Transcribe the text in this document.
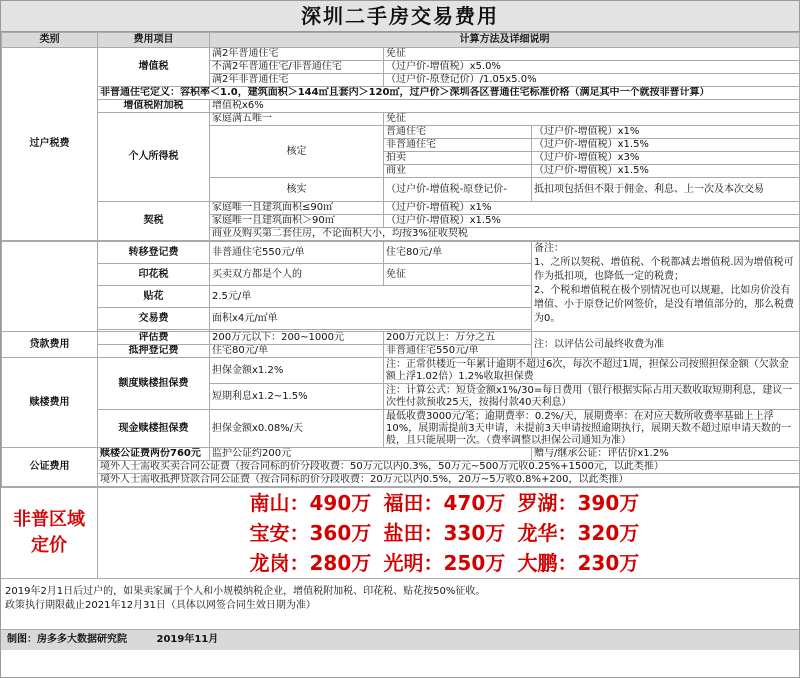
深圳二手房交易费用
类别	费用项目	计算方法及详细说明		
过户税费	增值税	满2年普通住宅	免征	
		不满2年普通住宅/非普通住宅	（过户价-增值税）x5.0%	
		满2年非普通住宅	（过户价-原登记价）/1.05x5.0%	
	非普通住宅定义：容积率＜1.0，建筑面积＞144㎡且套内＞120㎡，过户价＞深圳各区普通住宅标准价格（满足其中一个就按非普计算）			
	增值税附加税	增值税x6%		
	个人所得税	家庭满五唯一	免征	
		核定	普通住宅	（过户价-增值税）x1%
			非普通住宅	（过户价-增值税）x1.5%
			拍卖	（过户价-增值税）x3%
			商业	（过户价-增值税）x1.5%
		核实	（过户价-增值税-原登记价-	抵扣项包括但不限于佣金、利息、上一次及本次交易
	契税	家庭唯一且建筑面积≤90㎡	（过户价-增值税）x1%	
		家庭唯一且建筑面积＞90㎡	（过户价-增值税）x1.5%	
		商业及购买第二套住房，不论面积大小，均按3%征收契税		
	转移登记费	非普通住宅550元/单	住宅80元/单	备注：
1、之所以契税、增值税、个税都减去增值税.因为增值税可作为抵扣项，也降低一定的税费；
2、个税和增值税在极个别情况也可以规避，比如房价没有增值、小于原登记价网签价，是没有增值部分的，那么税费为0。
	印花税	买卖双方都是个人的	免征	
	贴花	2.5元/单		
	交易费	面积x4元/㎡单		

贷款费用	评估费	200万元以下：200~1000元	200万元以上：万分之五	注：以评估公司最终收费为准
	抵押登记费	住宅80元/单	非普通住宅550元/单	
赎楼费用	额度赎楼担保费	担保金额x1.2%	注：正常供楼近一年累计逾期不超过6次，每次不超过1周，担保公司按照担保金额（欠款金额上浮1.02倍）1.2%收取担保费	
		短期利息x1.2~1.5%	注：计算公式：短贷金额x1%/30=每日费用（银行根据实际占用天数收取短期利息，建议一次性付款预收25天，按揭付款40天利息）	
	现金赎楼担保费	担保金额x0.08%/天	最低收费3000元/笔；逾期费率：0.2%/天，展期费率：在对应天数所收费率基础上上浮10%，展期需提前3天申请，未提前3天申请按照逾期执行，展期天数不超过原申请天数的一般，且只能展期一次。（费率调整以担保公司通知为准）	
公证费用	赎楼公证费两份760元	监护公证约200元		赠与/继承公证：评估价x1.2%
	境外人士需收买卖合同公证费（按合同标的价分段收费：50万元以内0.3%，50万元~500万元收0.25%+1500元，以此类推）			
	境外人士需收抵押贷款合同公证费（按合同标的价分段收费：20万元以内0.5%，20万~5万收0.8%+200，以此类推）			
非普区域
定价
南山：490万 福田：470万 罗湖：390万
宝安：360万 盐田：330万 龙华：320万
龙岗：280万 光明：250万 大鹏：230万
2019年2月1日后过户的，如果卖家属于个人和小规模纳税企业，增值税附加税、印花税、贴花按50%征收。
政策执行期限截止2021年12月31日（具体以网签合同生效日期为准）
制图：房多多大数据研究院	2019年11月
